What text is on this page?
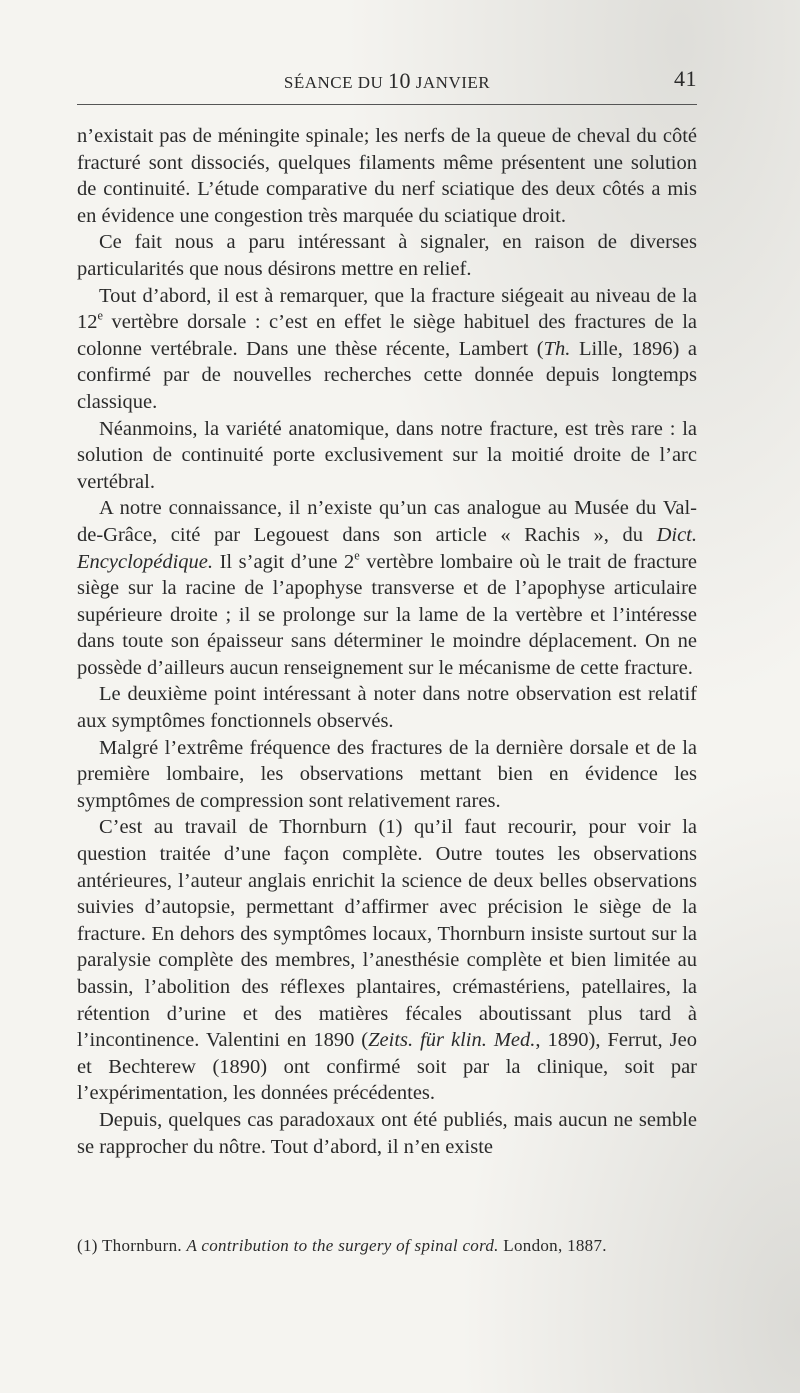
SÉANCE DU 10 JANVIER	41

n’existait pas de méningite spinale; les nerfs de la queue de cheval du côté fracturé sont dissociés, quelques filaments même présentent une solution de continuité. L’étude comparative du nerf sciatique des deux côtés a mis en évidence une congestion très marquée du sciatique droit.

Ce fait nous a paru intéressant à signaler, en raison de diverses particularités que nous désirons mettre en relief.

Tout d’abord, il est à remarquer, que la fracture siégeait au niveau de la 12e vertèbre dorsale : c’est en effet le siège habituel des fractures de la colonne vertébrale. Dans une thèse récente, Lambert (Th. Lille, 1896) a confirmé par de nouvelles recherches cette donnée depuis longtemps classique.

Néanmoins, la variété anatomique, dans notre fracture, est très rare : la solution de continuité porte exclusivement sur la moitié droite de l’arc vertébral.

A notre connaissance, il n’existe qu’un cas analogue au Musée du Val-de-Grâce, cité par Legouest dans son article « Rachis », du Dict. Encyclopédique. Il s’agit d’une 2e vertèbre lombaire où le trait de fracture siège sur la racine de l’apophyse transverse et de l’apophyse articulaire supérieure droite ; il se prolonge sur la lame de la vertèbre et l’intéresse dans toute son épaisseur sans déterminer le moindre déplacement. On ne possède d’ailleurs aucun renseignement sur le mécanisme de cette fracture.

Le deuxième point intéressant à noter dans notre observation est relatif aux symptômes fonctionnels observés.

Malgré l’extrême fréquence des fractures de la dernière dorsale et de la première lombaire, les observations mettant bien en évidence les symptômes de compression sont relativement rares.

C’est au travail de Thornburn (1) qu’il faut recourir, pour voir la question traitée d’une façon complète. Outre toutes les observations antérieures, l’auteur anglais enrichit la science de deux belles observations suivies d’autopsie, permettant d’affirmer avec précision le siège de la fracture. En dehors des symptômes locaux, Thornburn insiste surtout sur la paralysie complète des membres, l’anesthésie complète et bien limitée au bassin, l’abolition des réflexes plantaires, crémastériens, patellaires, la rétention d’urine et des matières fécales aboutissant plus tard à l’incontinence. Valentini en 1890 (Zeits. für klin. Med., 1890), Ferrut, Jeo et Bechterew (1890) ont confirmé soit par la clinique, soit par l’expérimentation, les données précédentes.

Depuis, quelques cas paradoxaux ont été publiés, mais aucun ne semble se rapprocher du nôtre. Tout d’abord, il n’en existe

(1) Thornburn. A contribution to the surgery of spinal cord. London, 1887.
